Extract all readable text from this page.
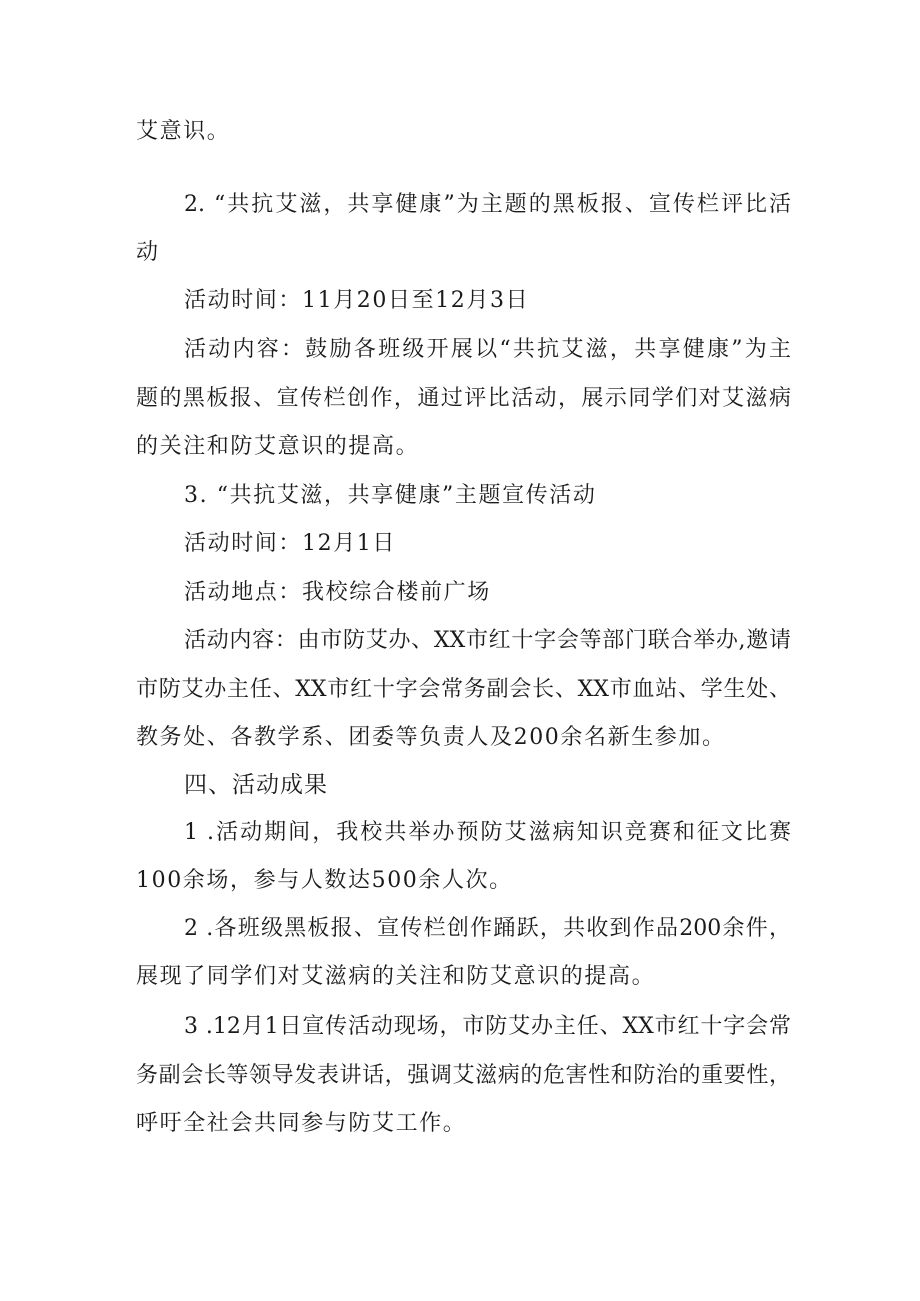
艾意识。
2. “共抗艾滋，共享健康”为主题的黑板报、宣传栏评比活
动
活动时间：11月20日至12月3日
活动内容：鼓励各班级开展以“共抗艾滋，共享健康”为主
题的黑板报、宣传栏创作，通过评比活动，展示同学们对艾滋病
的关注和防艾意识的提高。
3. “共抗艾滋，共享健康”主题宣传活动
活动时间：12月1日
活动地点：我校综合楼前广场
活动内容：由市防艾办、XX市红十字会等部门联合举办,邀请
市防艾办主任、XX市红十字会常务副会长、XX市血站、学生处、
教务处、各教学系、团委等负责人及200余名新生参加。
四、活动成果
1 .活动期间，我校共举办预防艾滋病知识竞赛和征文比赛
100余场，参与人数达500余人次。
2 .各班级黑板报、宣传栏创作踊跃，共收到作品200余件，
展现了同学们对艾滋病的关注和防艾意识的提高。
3 .12月1日宣传活动现场，市防艾办主任、XX市红十字会常
务副会长等领导发表讲话，强调艾滋病的危害性和防治的重要性，
呼吁全社会共同参与防艾工作。
